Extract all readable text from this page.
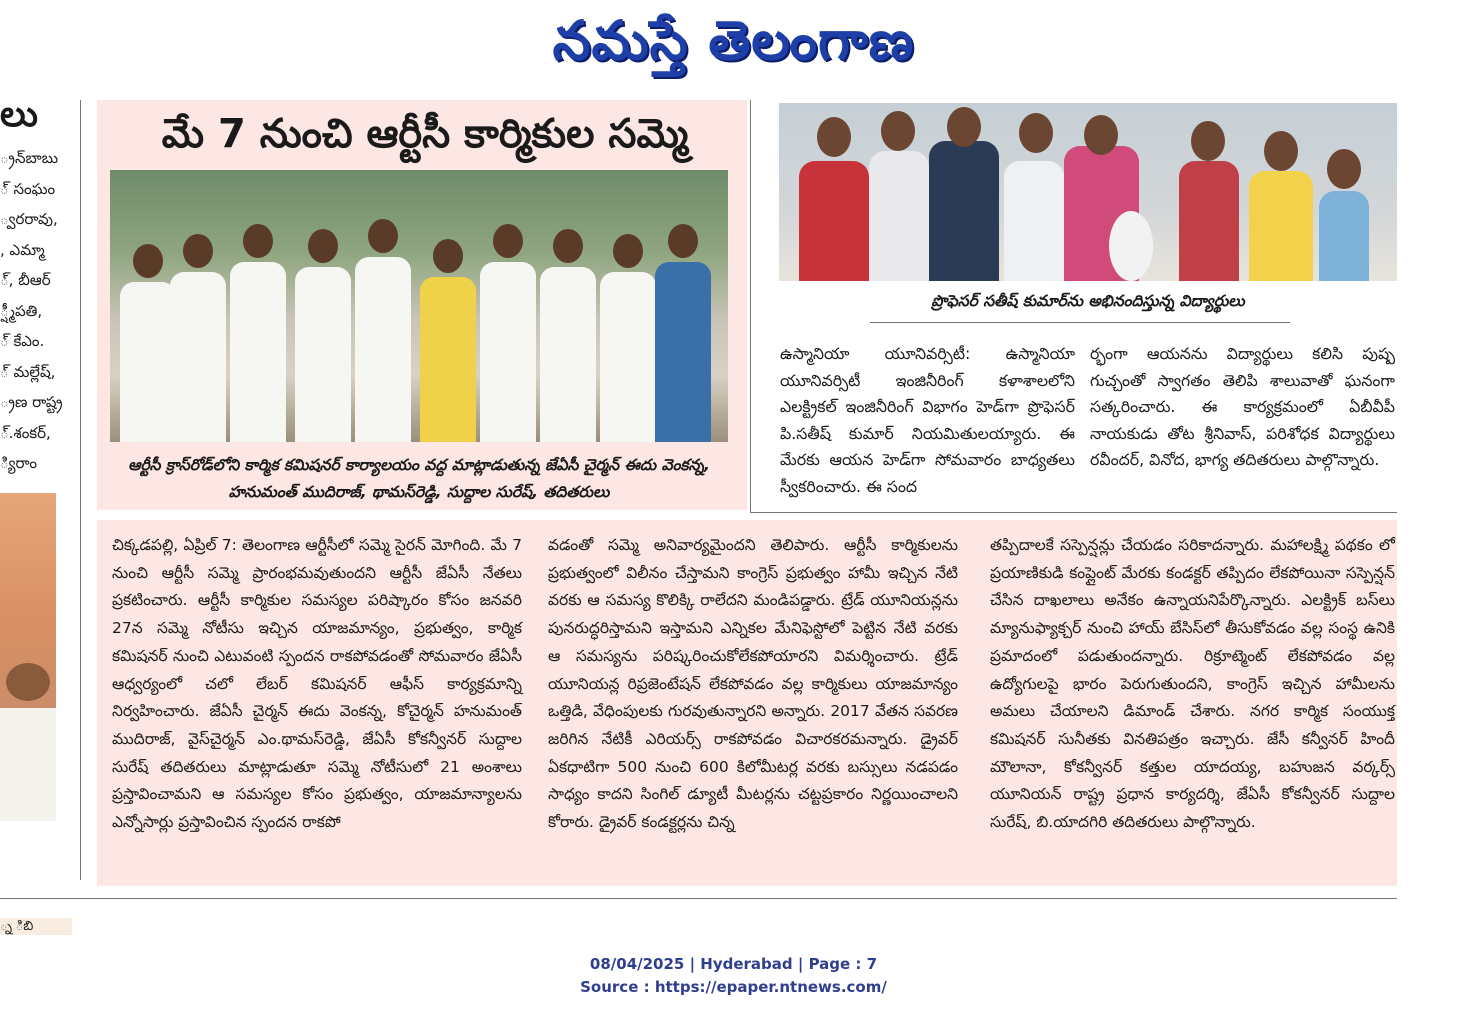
నమస్తే తెలంగాణ
లు
్రన్‌బాబు
్ సంఘం
్వరరావు,
, ఎమ్మా
్, బీఆర్
్ష్మీపతి,
్ కేఎం.
్ మల్లేష్,
్రణ రాష్ట్ర
్.శంకర్,
్యిరాం
్న ిబి
మే 7 నుంచి ఆర్టీసీ కార్మికుల సమ్మె
ఆర్టీసీ క్రాస్‌రోడ్‌లోని కార్మిక కమిషనర్ కార్యాలయం వద్ద మాట్లాడుతున్న జేఏసీ చైర్మన్ ఈదు వెంకన్న, హనుమంత్ ముదిరాజ్, థామస్‌రెడ్డి, సుద్దాల సురేష్, తదితరులు
ప్రొఫెసర్ సతీష్ కుమార్‌ను అభినందిస్తున్న విద్యార్థులు

ఉస్మానియా యూనివర్సిటీ: ఉస్మానియా యూనివర్సిటీ ఇంజినీరింగ్ కళాశాలలోని ఎలక్ట్రికల్ ఇంజినీరింగ్ విభాగం హెడ్‌గా ప్రొఫెసర్ పి.సతీష్ కుమార్ నియమితులయ్యారు. ఈ మేరకు ఆయన హెడ్‌గా సోమవారం బాధ్యతలు స్వీకరించారు. ఈ సంద

ర్భంగా ఆయనను విద్యార్థులు కలిసి పుష్ప గుచ్చంతో స్వాగతం తెలిపి శాలువాతో ఘనంగా సత్కరించారు. ఈ కార్యక్రమంలో ఏబీవీపీ నాయకుడు తోట శ్రీనివాస్, పరిశోధక విద్యార్థులు రవీందర్, వినోద, భాగ్య తదితరులు పాల్గొన్నారు.

చిక్కడపల్లి, ఏప్రిల్ 7: తెలంగాణ ఆర్టీసీలో సమ్మె సైరన్ మోగింది. మే 7 నుంచి ఆర్టీసీ సమ్మె ప్రారంభమవుతుందని ఆర్టీసీ జేఏసీ నేతలు ప్రకటించారు. ఆర్టీసీ కార్మికుల సమస్యల పరిష్కారం కోసం జనవరి 27న సమ్మె నోటీసు ఇచ్చిన యాజమాన్యం, ప్రభుత్వం, కార్మిక కమిషనర్ నుంచి ఎటువంటి స్పందన రాకపోవడంతో సోమవారం జేఏసీ ఆధ్వర్యంలో చలో లేబర్ కమిషనర్ ఆఫీస్ కార్యక్రమాన్ని నిర్వహించారు. జేఏసీ చైర్మన్ ఈదు వెంకన్న, కోచైర్మన్ హనుమంత్ ముదిరాజ్, వైస్‌చైర్మన్ ఎం.థామస్‌రెడ్డి, జేఏసీ కోకన్వీనర్ సుద్దాల సురేష్ తదితరులు మాట్లాడుతూ సమ్మె నోటీసులో 21 అంశాలు ప్రస్తావించామని ఆ సమస్యల కోసం ప్రభుత్వం, యాజమాన్యాలను ఎన్నోసార్లు ప్రస్తావించిన స్పందన రాకపో

వడంతో సమ్మె అనివార్యమైందని తెలిపారు. ఆర్టీసీ కార్మికులను ప్రభుత్వంలో విలీనం చేస్తామని కాంగ్రెస్ ప్రభుత్వం హామీ ఇచ్చిన నేటి వరకు ఆ సమస్య కొలిక్కి రాలేదని మండిపడ్డారు. ట్రేడ్ యూనియన్లను పునరుద్ధరిస్తామని ఇస్తామని ఎన్నికల మేనిఫెస్టోలో పెట్టిన నేటి వరకు ఆ సమస్యను పరిష్కరించుకోలేకపోయారని విమర్శించారు. ట్రేడ్ యూనియన్ల రిప్రజెంటేషన్ లేకపోవడం వల్ల కార్మికులు యాజమాన్యం ఒత్తిడి, వేధింపులకు గురవుతున్నారని అన్నారు. 2017 వేతన సవరణ జరిగిన నేటికీ ఎరియర్స్ రాకపోవడం విచారకరమన్నారు. డ్రైవర్ ఏకధాటిగా 500 నుంచి 600 కిలోమీటర్ల వరకు బస్సులు నడపడం సాధ్యం కాదని సింగిల్ డ్యూటీ మీటర్లను చట్టప్రకారం నిర్ణయించాలని కోరారు. డ్రైవర్ కండక్టర్లను చిన్న

తప్పిదాలకే సస్పెన్షన్లు చేయడం సరికాదన్నారు. మహాలక్ష్మి పథకం లో ప్రయాణికుడి కంప్లైంట్ మేరకు కండక్టర్ తప్పిదం లేకపోయినా సస్పెన్షన్ చేసిన దాఖలాలు అనేకం ఉన్నాయనిపేర్కొన్నారు. ఎలక్ట్రిక్ బస్‌లు మ్యానుఫ్యాక్చర్ నుంచి హాయ్ బేసిస్‌లో తీసుకోవడం వల్ల సంస్థ ఉనికి ప్రమాదంలో పడుతుందన్నారు. రిక్రూట్మెంట్ లేకపోవడం వల్ల ఉద్యోగులపై భారం పెరుగుతుందని, కాంగ్రెస్ ఇచ్చిన హామీలను అమలు చేయాలని డిమాండ్ చేశారు. నగర కార్మిక సంయుక్త కమిషనర్ సునీతకు వినతిపత్రం ఇచ్చారు. జేసీ కన్వీనర్ హిందీ మౌలానా, కోకన్వీనర్ కత్తుల యాదయ్య, బహుజన వర్కర్స్ యూనియన్ రాష్ట్ర ప్రధాన కార్యదర్శి, జేఏసీ కోకన్వీనర్ సుద్దాల సురేష్, బి.యాదగిరి తదితరులు పాల్గొన్నారు.

08/04/2025 | Hyderabad | Page : 7
Source : https://epaper.ntnews.com/
